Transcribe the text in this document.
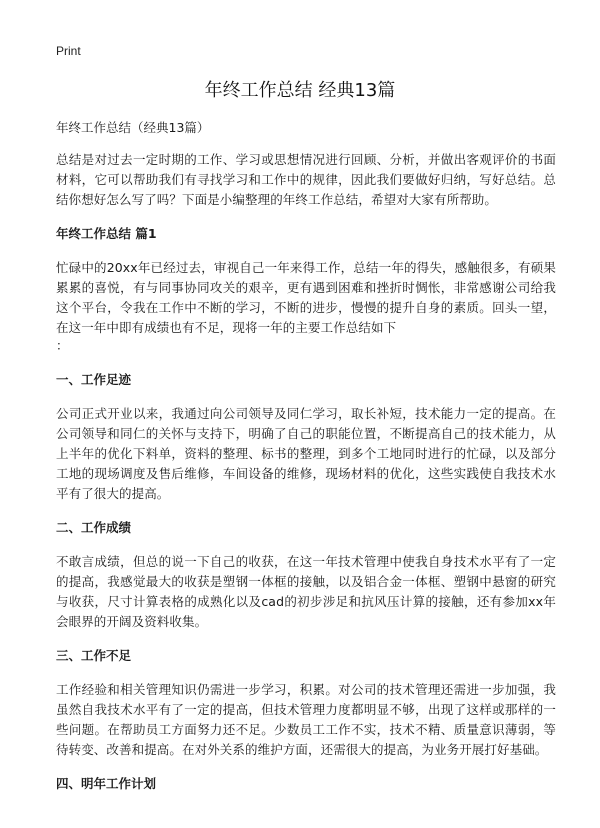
Print
年终工作总结 经典13篇
年终工作总结（经典13篇）

总结是对过去一定时期的工作、学习或思想情况进行回顾、分析，并做出客观评价的书面材料，它可以帮助我们有寻找学习和工作中的规律，因此我们要做好归纳，写好总结。总结你想好怎么写了吗？下面是小编整理的年终工作总结，希望对大家有所帮助。

年终工作总结 篇1

忙碌中的20xx年已经过去，审视自己一年来得工作，总结一年的得失，感触很多，有硕果累累的喜悦，有与同事协同攻关的艰辛，更有遇到困难和挫折时惆怅，非常感谢公司给我这个平台，令我在工作中不断的学习，不断的进步，慢慢的提升自身的素质。回头一望，在这一年中即有成绩也有不足，现将一年的主要工作总结如下
：

一、工作足迹

公司正式开业以来，我通过向公司领导及同仁学习，取长补短，技术能力一定的提高。在公司领导和同仁的关怀与支持下，明确了自己的职能位置，不断提高自己的技术能力，从上半年的优化下料单，资料的整理、标书的整理，到多个工地同时进行的忙碌，以及部分工地的现场调度及售后维修，车间设备的维修，现场材料的优化，这些实践使自我技术水平有了很大的提高。

二、工作成绩

不敢言成绩，但总的说一下自己的收获，在这一年技术管理中使我自身技术水平有了一定的提高，我感觉最大的收获是塑钢一体框的接触，以及铝合金一体框、塑钢中悬窗的研究与收获，尺寸计算表格的成熟化以及cad的初步涉足和抗风压计算的接触，还有参加xx年会眼界的开阔及资料收集。

三、工作不足

工作经验和相关管理知识仍需进一步学习，积累。对公司的技术管理还需进一步加强，我虽然自我技术水平有了一定的提高，但技术管理力度都明显不够，出现了这样或那样的一些问题。在帮助员工方面努力还不足。少数员工工作不实，技术不精、质量意识薄弱，等待转变、改善和提高。在对外关系的维护方面，还需很大的提高，为业务开展打好基础。

四、明年工作计划
